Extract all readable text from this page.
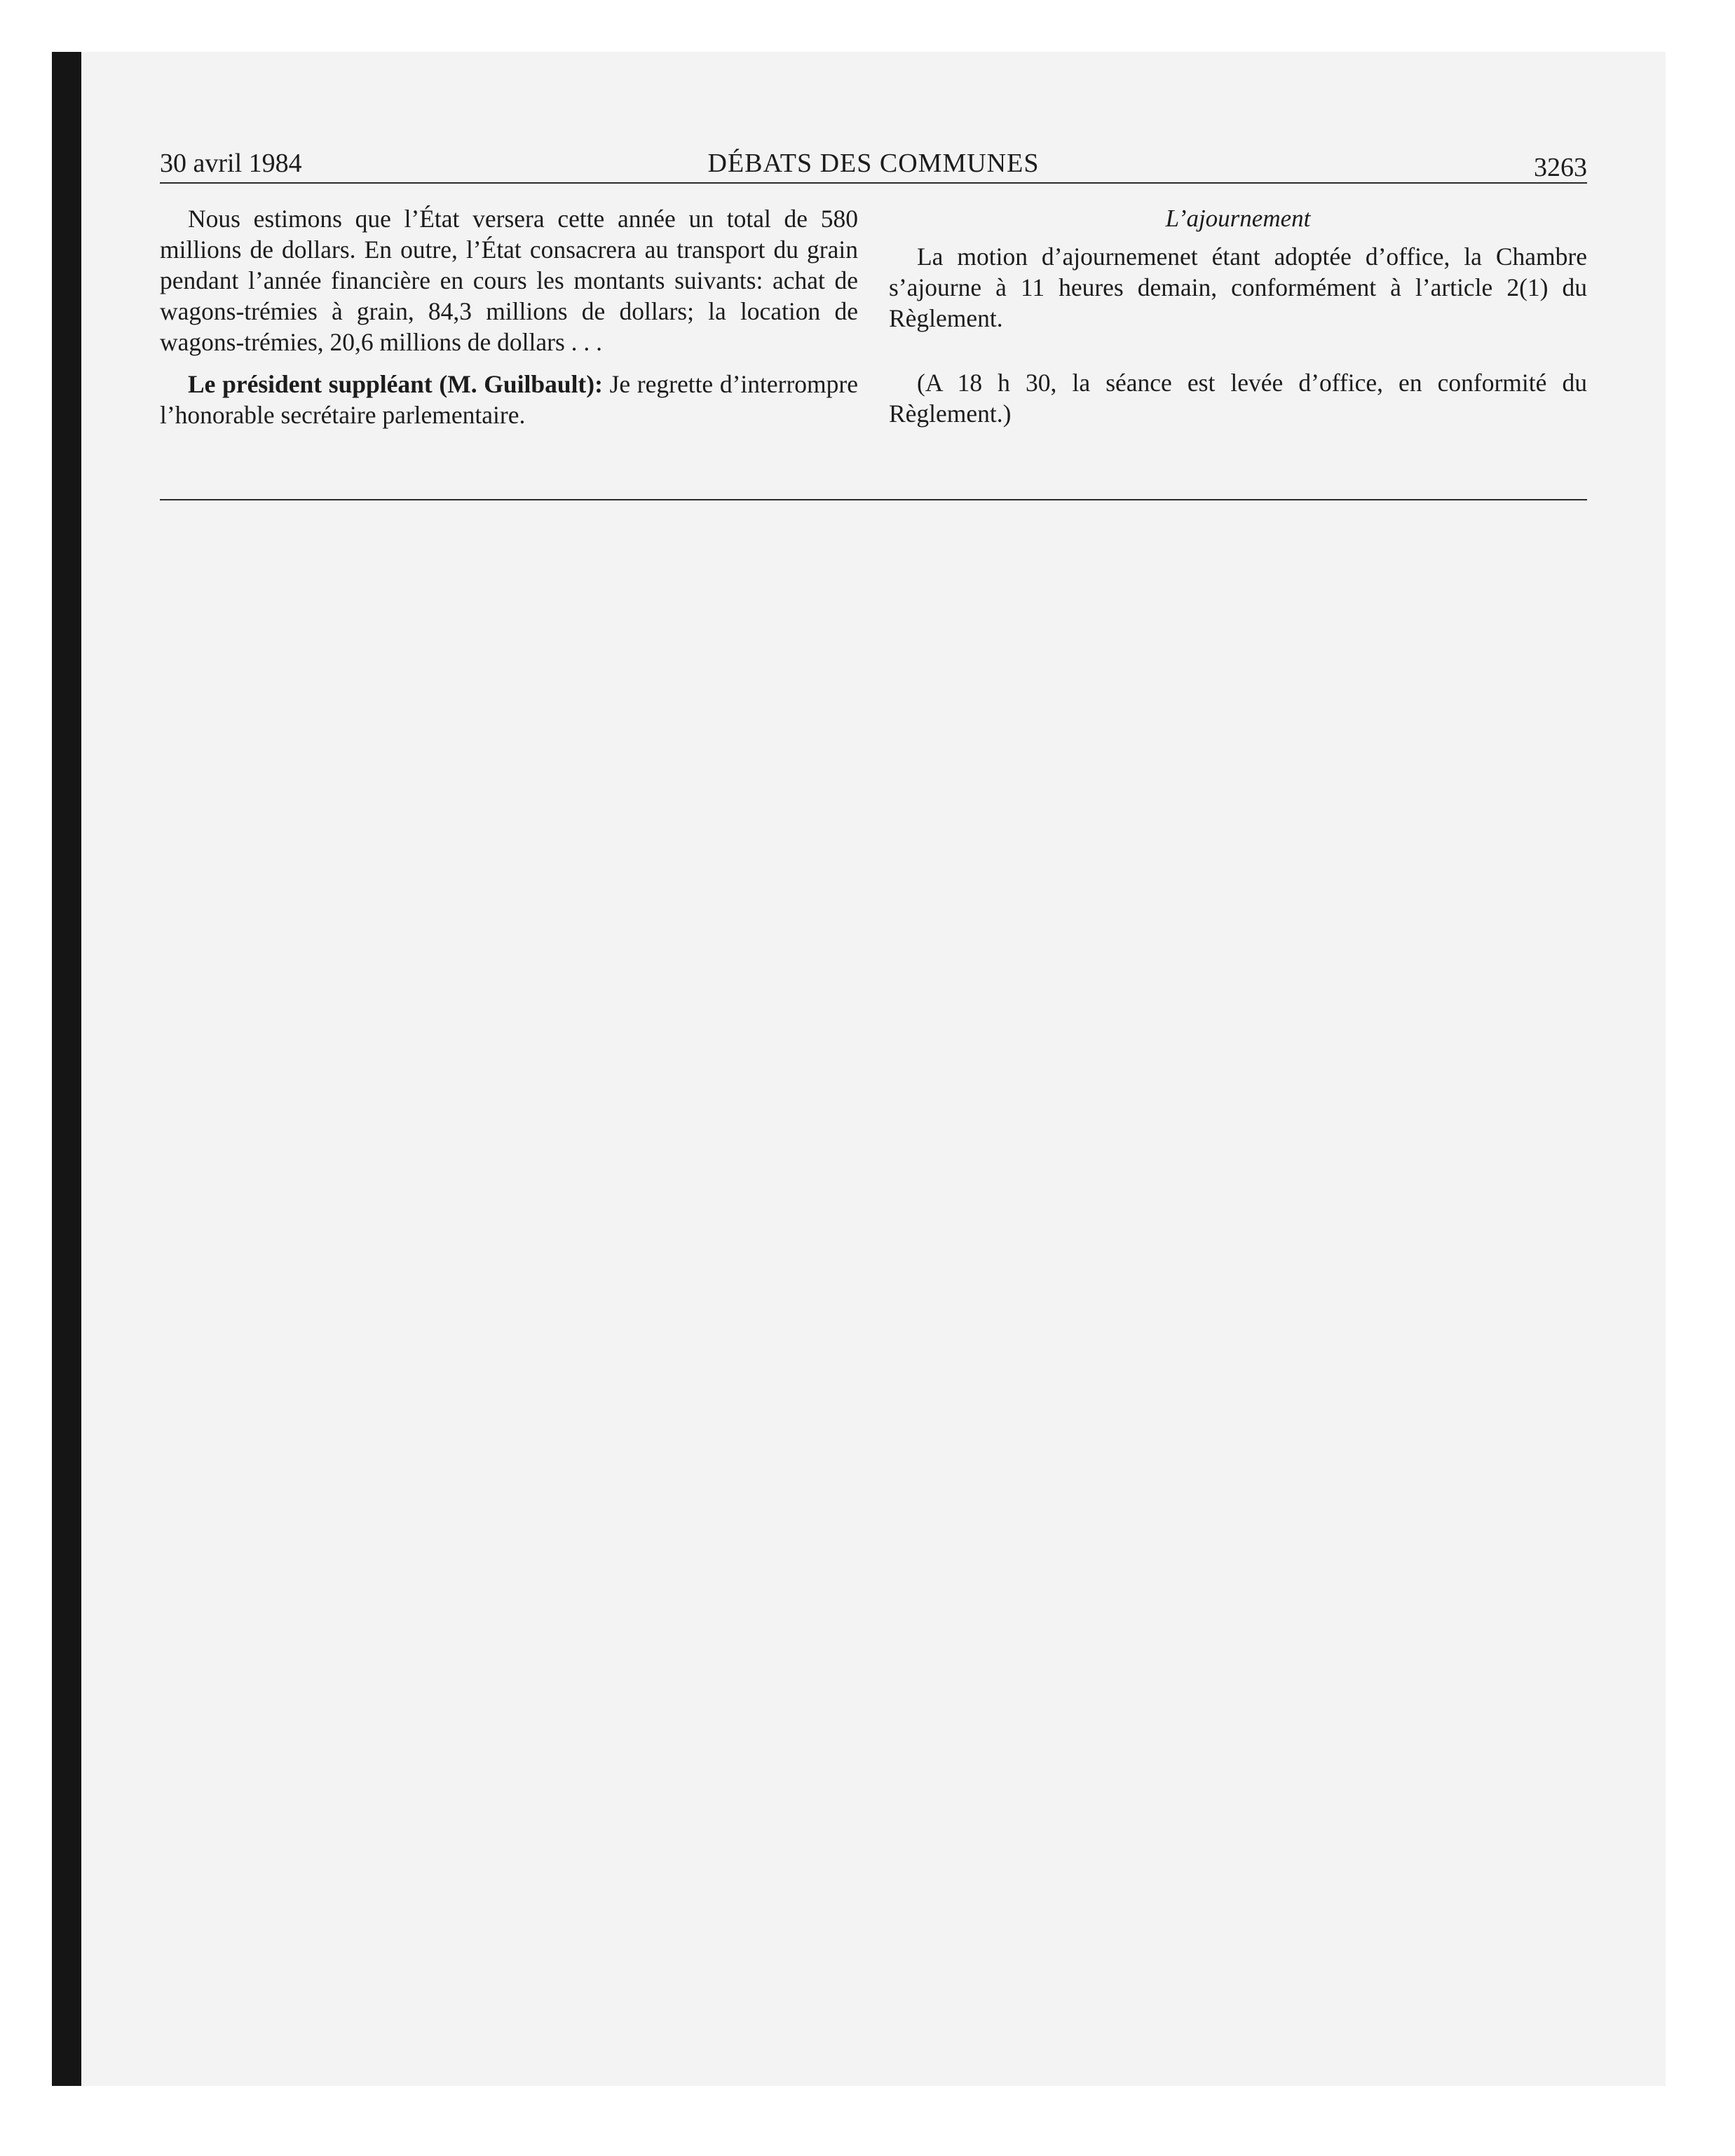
30 avril 1984	DÉBATS DES COMMUNES	3263

Nous estimons que l’État versera cette année un total de 580 millions de dollars. En outre, l’État consacrera au transport du grain pendant l’année financière en cours les montants suivants: achat de wagons-trémies à grain, 84,3 millions de dollars; la location de wagons-trémies, 20,6 millions de dollars . . .

Le président suppléant (M. Guilbault): Je regrette d’interrompre l’honorable secrétaire parlementaire.

L’ajournement

La motion d’ajournemenet étant adoptée d’office, la Chambre s’ajourne à 11 heures demain, conformément à l’article 2(1) du Règlement.

(A 18 h 30, la séance est levée d’office, en conformité du Règlement.)
